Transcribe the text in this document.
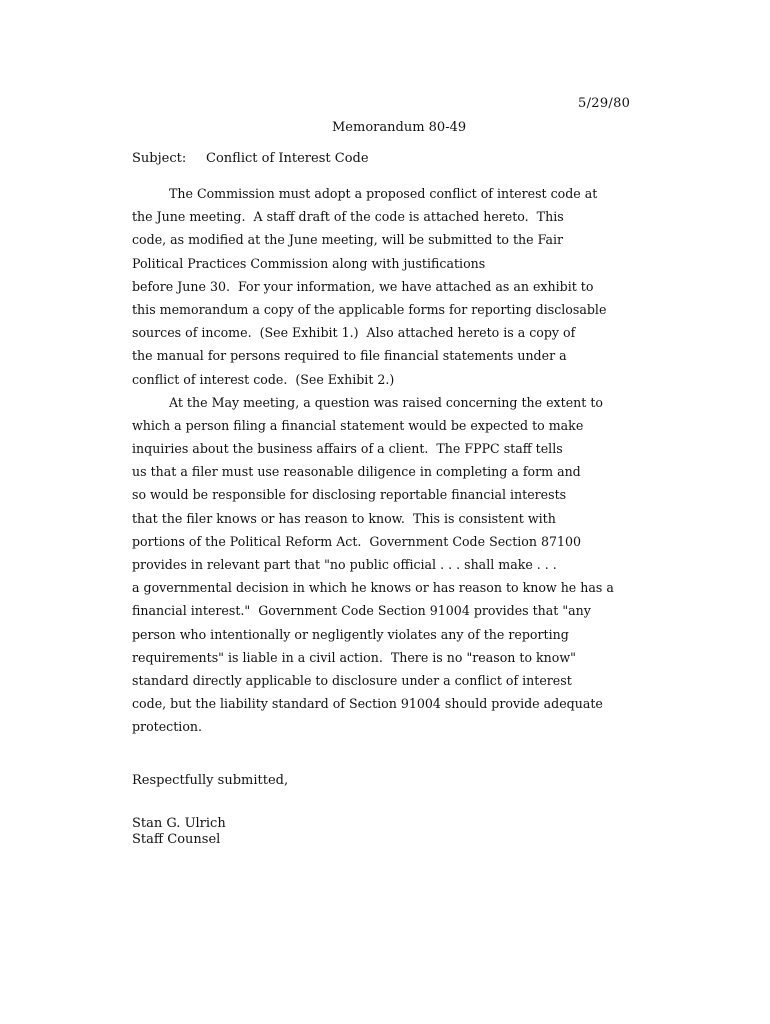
5/29/80
Memorandum 80-49
Subject: Conflict of Interest Code
The Commission must adopt a proposed conflict of interest code at
the June meeting.  A staff draft of the code is attached hereto.  This
code, as modified at the June meeting, will be submitted to the Fair
Political Practices Commission along with justifications
before June 30.  For your information, we have attached as an exhibit to
this memorandum a copy of the applicable forms for reporting disclosable
sources of income.  (See Exhibit 1.)  Also attached hereto is a copy of
the manual for persons required to file financial statements under a
conflict of interest code.  (See Exhibit 2.)
At the May meeting, a question was raised concerning the extent to
which a person filing a financial statement would be expected to make
inquiries about the business affairs of a client.  The FPPC staff tells
us that a filer must use reasonable diligence in completing a form and
so would be responsible for disclosing reportable financial interests
that the filer knows or has reason to know.  This is consistent with
portions of the Political Reform Act.  Government Code Section 87100
provides in relevant part that "no public official . . . shall make . . .
a governmental decision in which he knows or has reason to know he has a
financial interest."  Government Code Section 91004 provides that "any
person who intentionally or negligently violates any of the reporting
requirements" is liable in a civil action.  There is no "reason to know"
standard directly applicable to disclosure under a conflict of interest
code, but the liability standard of Section 91004 should provide adequate
protection.
Respectfully submitted,
Stan G. Ulrich
Staff Counsel
